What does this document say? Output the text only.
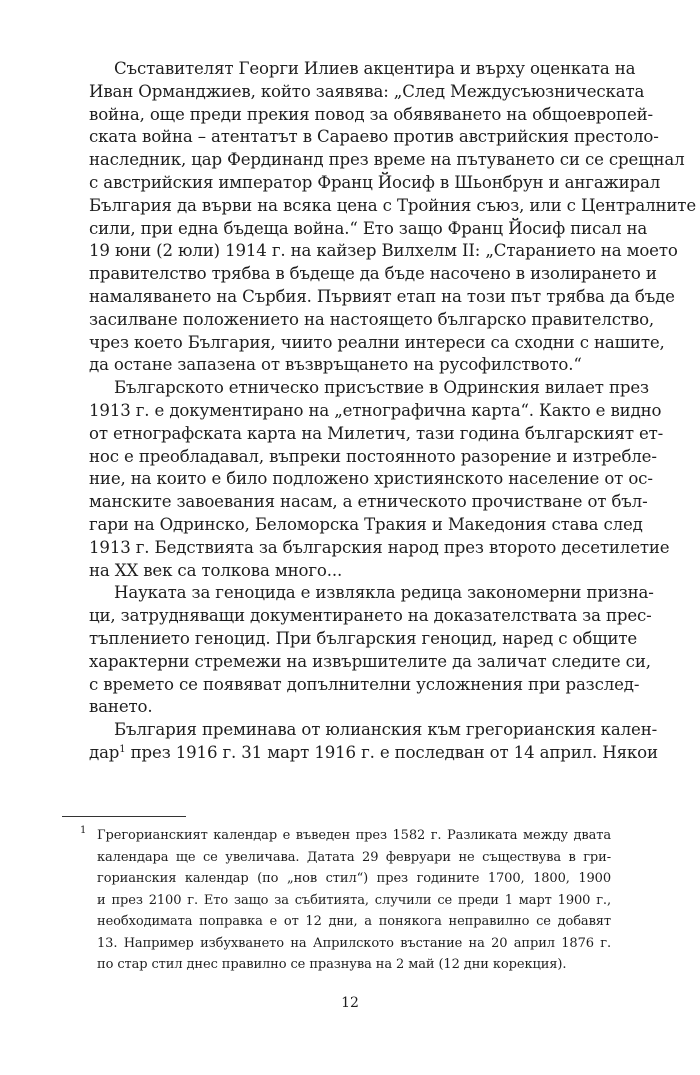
Съставителят Георги Илиев акцентира и върху оценката на
Иван Орманджиев, който заявява: „След Междусъюзническата
война, още преди прекия повод за обявяването на общоевропей-
ската война – атентатът в Сараево против австрийския престоло-
наследник, цар Фердинанд през време на пътуването си се срещнал
с австрийския император Франц Йосиф в Шьонбрун и ангажирал
България да върви на всяка цена с Тройния съюз, или с Централните
сили, при една бъдеща война.“ Ето защо Франц Йосиф писал на
19 юни (2 юли) 1914 г. на кайзер Вилхелм II: „Старанието на моето
правителство трябва в бъдеще да бъде насочено в изолирането и
намаляването на Сърбия. Първият етап на този път трябва да бъде
засилване положението на настоящето българско правителство,
чрез което България, чиито реални интереси са сходни с нашите,
да остане запазена от възвръщането на русофилството.“
Българското етническо присъствие в Одринския вилает през
1913 г. е документирано на „етнографична карта“. Както е видно
от етнографската карта на Милетич, тази година българският ет-
нос е преобладавал, въпреки постоянното разорение и изтребле-
ние, на които е било подложено християнското население от ос-
манските завоевания насам, а етническото прочистване от бъл-
гари на Одринско, Беломорска Тракия и Македония става след
1913 г. Бедствията за българския народ през второто десетилетие
на XX век са толкова много...
Науката за геноцида е извлякла редица закономерни призна-
ци, затрудняващи документирането на доказателствата за прес-
тъплението геноцид. При българския геноцид, наред с общите
характерни стремежи на извършителите да заличат следите си,
с времето се появяват допълнителни усложнения при разслед-
ването.
България преминава от юлианския към грегорианския кален-
дар$^1$ през 1916 г. 31 март 1916 г. е последван от 14 април. Някои
1 Грегорианският календар е въведен през 1582 г. Разликата между двата
календара ще се увеличава. Датата 29 февруари не съществува в гри-
горианския календар (по „нов стил“) през годините 1700, 1800, 1900
и през 2100 г. Ето защо за събитията, случили се преди 1 март 1900 г.,
необходимата поправка е от 12 дни, а понякога неправилно се добавят
13. Например избухването на Априлското въстание на 20 април 1876 г.
по стар стил днес правилно се празнува на 2 май (12 дни корекция).
12
